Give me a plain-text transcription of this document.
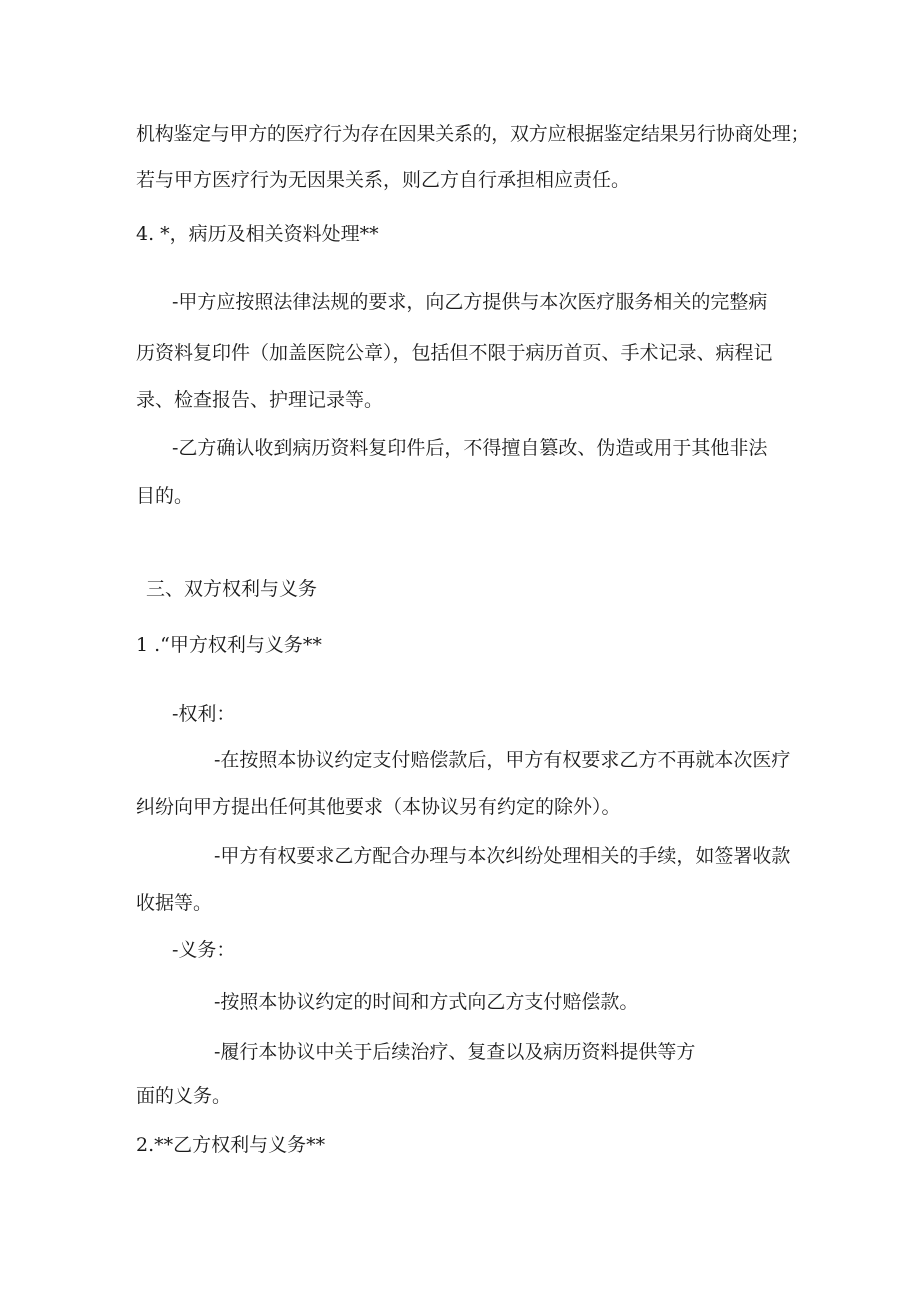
机构鉴定与甲方的医疗行为存在因果关系的，双方应根据鉴定结果另行协商处理；
若与甲方医疗行为无因果关系，则乙方自行承担相应责任。
4. *，病历及相关资料处理**
-甲方应按照法律法规的要求，向乙方提供与本次医疗服务相关的完整病
历资料复印件（加盖医院公章），包括但不限于病历首页、手术记录、病程记
录、检查报告、护理记录等。
-乙方确认收到病历资料复印件后，不得擅自篡改、伪造或用于其他非法
目的。
三、双方权利与义务
1 .“甲方权利与义务**
-权利：
-在按照本协议约定支付赔偿款后，甲方有权要求乙方不再就本次医疗
纠纷向甲方提出任何其他要求（本协议另有约定的除外）。
-甲方有权要求乙方配合办理与本次纠纷处理相关的手续，如签署收款
收据等。
-义务：
-按照本协议约定的时间和方式向乙方支付赔偿款。
-履行本协议中关于后续治疗、复查以及病历资料提供等方
面的义务。
2.**乙方权利与义务**
